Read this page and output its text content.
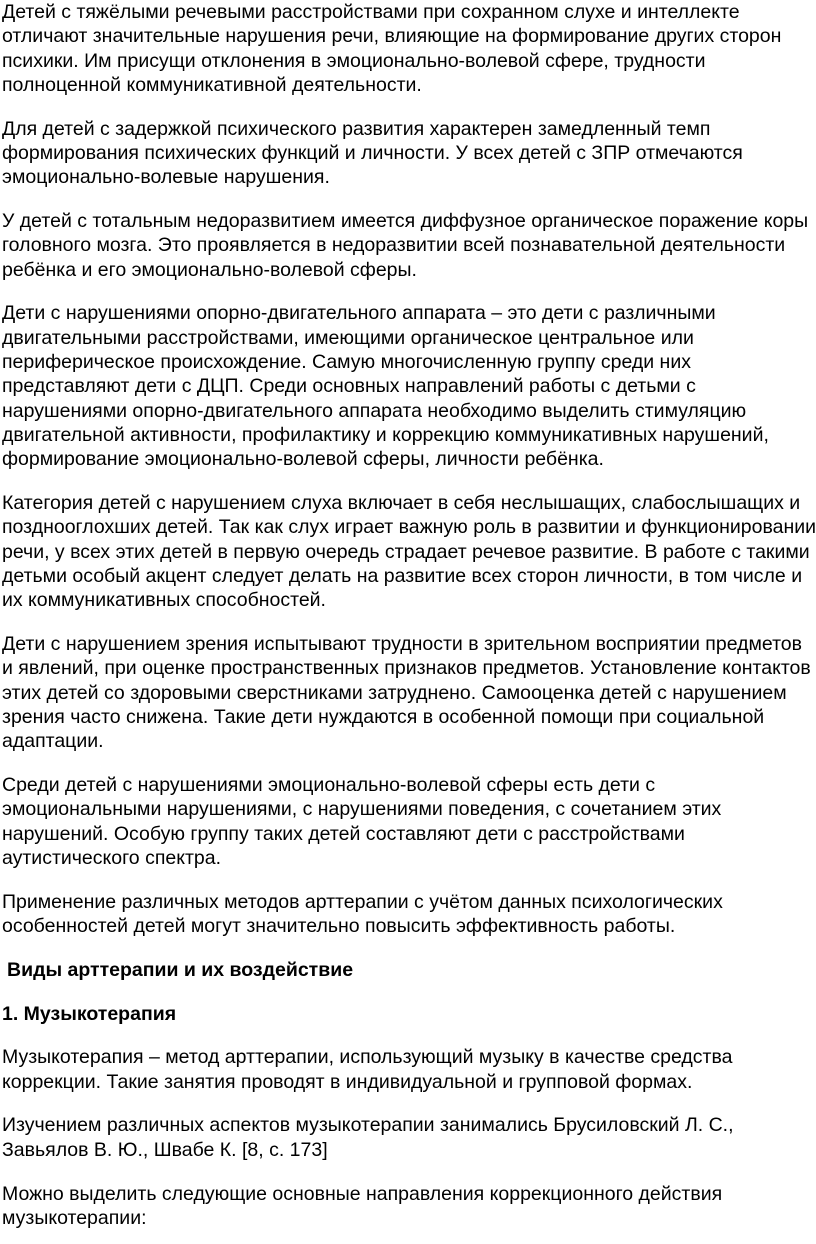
Детей с тяжёлыми речевыми расстройствами при сохранном слухе и интеллекте отличают значительные нарушения речи, влияющие на формирование других сторон психики. Им присущи отклонения в эмоционально-волевой сфере, трудности полноценной коммуникативной деятельности.

Для детей с задержкой психического развития характерен замедленный темп формирования психических функций и личности. У всех детей с ЗПР отмечаются эмоционально-волевые нарушения.

У детей с тотальным недоразвитием имеется диффузное органическое поражение коры головного мозга. Это проявляется в недоразвитии всей познавательной деятельности ребёнка и его эмоционально-волевой сферы.

Дети с нарушениями опорно-двигательного аппарата – это дети с различными двигательными расстройствами, имеющими органическое центральное или периферическое происхождение. Самую многочисленную группу среди них представляют дети с ДЦП. Среди основных направлений работы с детьми с нарушениями опорно-двигательного аппарата необходимо выделить стимуляцию двигательной активности, профилактику и коррекцию коммуникативных нарушений, формирование эмоционально-волевой сферы, личности ребёнка.

Категория детей с нарушением слуха включает в себя неслышащих, слабослышащих и позднооглохших детей. Так как слух играет важную роль в развитии и функционировании речи, у всех этих детей в первую очередь страдает речевое развитие. В работе с такими детьми особый акцент следует делать на развитие всех сторон личности, в том числе и их коммуникативных способностей.

Дети с нарушением зрения испытывают трудности в зрительном восприятии предметов и явлений, при оценке пространственных признаков предметов. Установление контактов этих детей со здоровыми сверстниками затруднено. Самооценка детей с нарушением зрения часто снижена. Такие дети нуждаются в особенной помощи при социальной адаптации.

Среди детей с нарушениями эмоционально-волевой сферы есть дети с эмоциональными нарушениями, с нарушениями поведения, с сочетанием этих нарушений. Особую группу таких детей составляют дети с расстройствами аутистического спектра.

Применение различных методов арттерапии с учётом данных психологических особенностей детей могут значительно повысить эффективность работы.

Виды арттерапии и их воздействие
1. Музыкотерапия

Музыкотерапия – метод арттерапии, использующий музыку в качестве средства коррекции. Такие занятия проводят в индивидуальной и групповой формах.

Изучением различных аспектов музыкотерапии занимались Брусиловский Л. С., Завьялов В. Ю., Швабе К. [8, с. 173]

Можно выделить следующие основные направления коррекционного действия музыкотерапии:
